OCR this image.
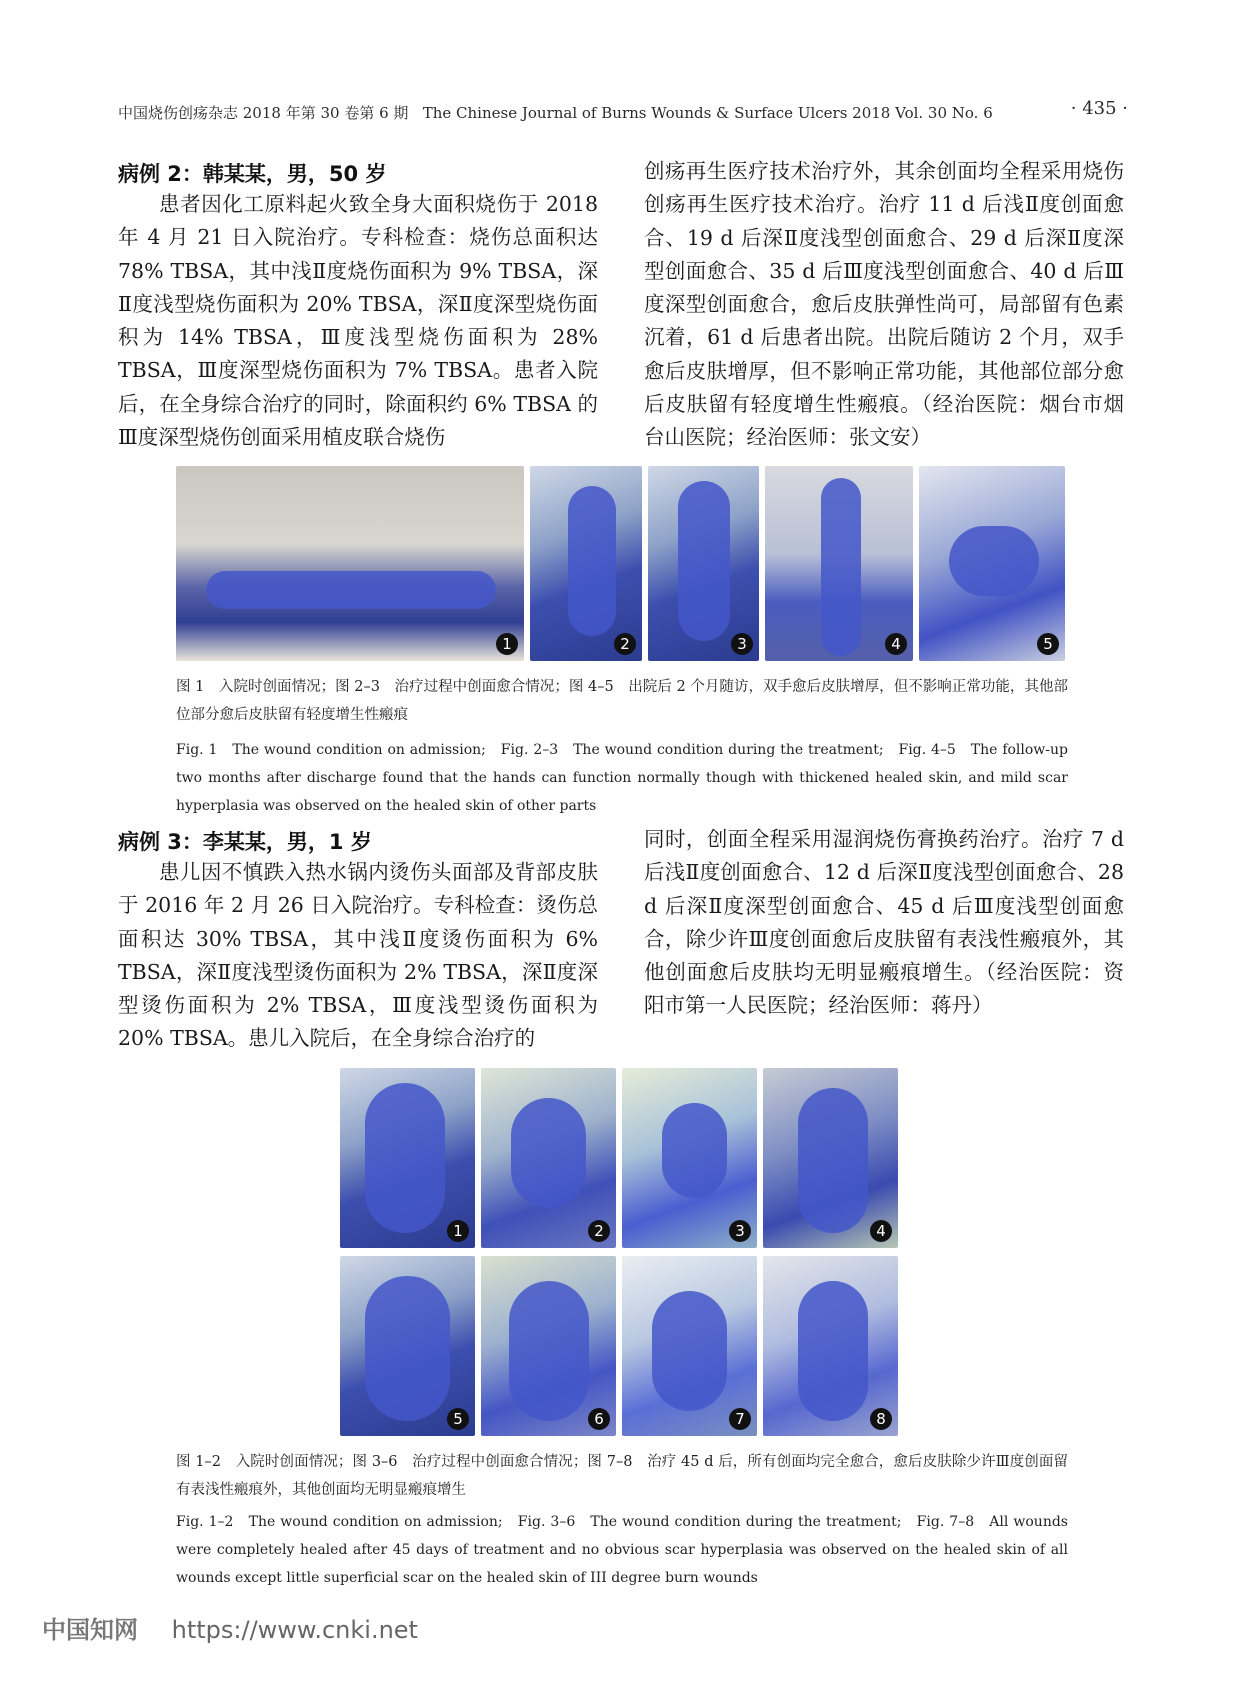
中国烧伤创疡杂志 2018 年第 30 卷第 6 期 The Chinese Journal of Burns Wounds & Surface Ulcers 2018 Vol. 30 No. 6	· 435 ·
病例 2：韩某某，男，50 岁

患者因化工原料起火致全身大面积烧伤于 2018 年 4 月 21 日入院治疗。专科检查：烧伤总面积达 78% TBSA，其中浅Ⅱ度烧伤面积为 9% TBSA，深Ⅱ度浅型烧伤面积为 20% TBSA，深Ⅱ度深型烧伤面积为 14% TBSA，Ⅲ度浅型烧伤面积为 28% TBSA，Ⅲ度深型烧伤面积为 7% TBSA。患者入院后，在全身综合治疗的同时，除面积约 6% TBSA 的Ⅲ度深型烧伤创面采用植皮联合烧伤

创疡再生医疗技术治疗外，其余创面均全程采用烧伤创疡再生医疗技术治疗。治疗 11 d 后浅Ⅱ度创面愈合、19 d 后深Ⅱ度浅型创面愈合、29 d 后深Ⅱ度深型创面愈合、35 d 后Ⅲ度浅型创面愈合、40 d 后Ⅲ度深型创面愈合，愈后皮肤弹性尚可，局部留有色素沉着，61 d 后患者出院。出院后随访 2 个月，双手愈后皮肤增厚，但不影响正常功能，其他部位部分愈后皮肤留有轻度增生性瘢痕。（经治医院：烟台市烟台山医院；经治医师：张文安）

1	2	3	4	5
图 1　入院时创面情况；图 2–3　治疗过程中创面愈合情况；图 4–5　出院后 2 个月随访，双手愈后皮肤增厚，但不影响正常功能，其他部位部分愈后皮肤留有轻度增生性瘢痕
Fig. 1　The wound condition on admission;　Fig. 2–3　The wound condition during the treatment;　Fig. 4–5　The follow-up two months after discharge found that the hands can function normally though with thickened healed skin, and mild scar hyperplasia was observed on the healed skin of other parts
病例 3：李某某，男，1 岁

患儿因不慎跌入热水锅内烫伤头面部及背部皮肤于 2016 年 2 月 26 日入院治疗。专科检查：烫伤总面积达 30% TBSA，其中浅Ⅱ度烫伤面积为 6% TBSA，深Ⅱ度浅型烫伤面积为 2% TBSA，深Ⅱ度深型烫伤面积为 2% TBSA，Ⅲ度浅型烫伤面积为 20% TBSA。患儿入院后，在全身综合治疗的

同时，创面全程采用湿润烧伤膏换药治疗。治疗 7 d 后浅Ⅱ度创面愈合、12 d 后深Ⅱ度浅型创面愈合、28 d 后深Ⅱ度深型创面愈合、45 d 后Ⅲ度浅型创面愈合，除少许Ⅲ度创面愈后皮肤留有表浅性瘢痕外，其他创面愈后皮肤均无明显瘢痕增生。（经治医院：资阳市第一人民医院；经治医师：蒋丹）

1	2	3	4
5	6	7	8
图 1–2　入院时创面情况；图 3–6　治疗过程中创面愈合情况；图 7–8　治疗 45 d 后，所有创面均完全愈合，愈后皮肤除少许Ⅲ度创面留有表浅性瘢痕外，其他创面均无明显瘢痕增生
Fig. 1–2　The wound condition on admission;　Fig. 3–6　The wound condition during the treatment;　Fig. 7–8　All wounds were completely healed after 45 days of treatment and no obvious scar hyperplasia was observed on the healed skin of all wounds except little superficial scar on the healed skin of III degree burn wounds
中国知网 https://www.cnki.net
